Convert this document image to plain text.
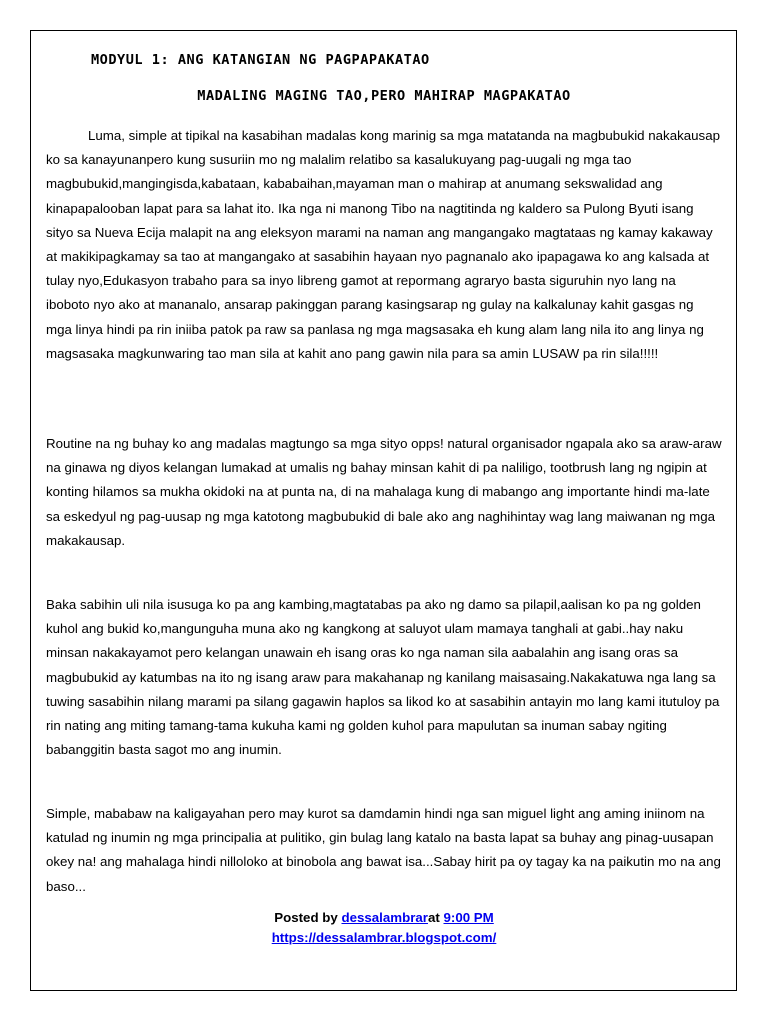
MODYUL 1: ANG KATANGIAN NG PAGPAPAKATAO
MADALING MAGING TAO,PERO MAHIRAP MAGPAKATAO

Luma, simple at tipikal na kasabihan madalas kong marinig sa mga matatanda na magbubukid nakakausap ko sa kanayunanpero kung susuriin mo ng malalim relatibo sa kasalukuyang pag-uugali ng mga tao magbubukid,mangingisda,kabataan, kababaihan,mayaman man o mahirap at anumang sekswalidad ang kinapapalooban lapat para sa lahat ito. Ika nga ni manong Tibo na nagtitinda ng kaldero sa Pulong Byuti isang sityo sa Nueva Ecija malapit na ang eleksyon marami na naman ang mangangako magtataas ng kamay kakaway at makikipagkamay sa tao at mangangako at sasabihin hayaan nyo pagnanalo ako ipapagawa ko ang kalsada at tulay nyo,Edukasyon trabaho para sa inyo libreng gamot at repormang agraryo basta siguruhin nyo lang na iboboto nyo ako at mananalo, ansarap pakinggan parang kasingsarap ng gulay na kalkalunay kahit gasgas ng mga linya hindi pa rin iniiba patok pa raw sa panlasa ng mga magsasaka eh kung alam lang nila ito ang linya ng magsasaka magkunwaring tao man sila at kahit ano pang gawin nila para sa amin LUSAW pa rin sila!!!!!

Routine na ng buhay ko ang madalas magtungo sa mga sityo opps! natural organisador ngapala ako sa araw-araw na ginawa ng diyos kelangan lumakad at umalis ng bahay minsan kahit di pa naliligo, tootbrush lang ng ngipin at konting hilamos sa mukha okidoki na at punta na, di na mahalaga kung di mabango ang importante hindi ma-late sa eskedyul ng pag-uusap ng mga katotong magbubukid di bale ako ang naghihintay wag lang maiwanan ng mga makakausap.

Baka sabihin uli nila isusuga ko pa ang kambing,magtatabas pa ako ng damo sa pilapil,aalisan ko pa ng golden kuhol ang bukid ko,mangunguha muna ako ng kangkong at saluyot ulam mamaya tanghali at gabi..hay naku minsan nakakayamot pero kelangan unawain eh isang oras ko nga naman sila aabalahin ang isang oras sa magbubukid ay katumbas na ito ng isang araw para makahanap ng kanilang maisasaing.Nakakatuwa nga lang sa tuwing sasabihin nilang marami pa silang gagawin haplos sa likod ko at sasabihin antayin mo lang kami itutuloy pa rin nating ang miting tamang-tama kukuha kami ng golden kuhol para mapulutan sa inuman sabay ngiting babanggitin basta sagot mo ang inumin.

Simple, mababaw na kaligayahan pero may kurot sa damdamin hindi nga san miguel light ang aming iniinom na katulad ng inumin ng mga principalia at pulitiko, gin bulag lang katalo na basta lapat sa buhay ang pinag-uusapan okey na! ang mahalaga hindi nilloloko at binobola ang bawat isa...Sabay hirit pa oy tagay ka na paikutin mo na ang baso...

Posted by dessalambrarat 9:00 PM
https://dessalambrar.blogspot.com/
